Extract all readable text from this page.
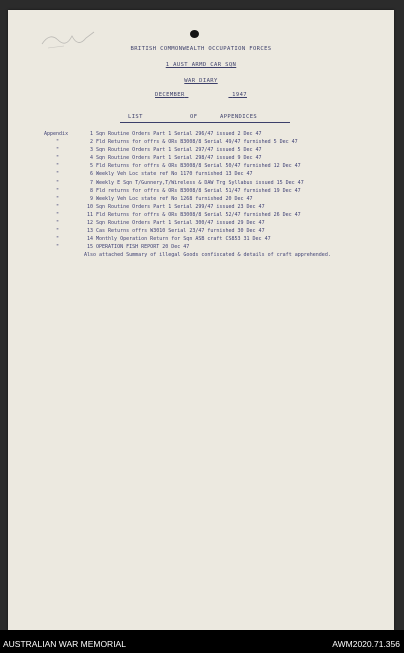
BRITISH COMMONWEALTH OCCUPATION FORCES
1 AUST ARMD CAR SQN
WAR DIARY
DECEMBER	1947
LIST	OF	APPENDICES
Appendix	1 Sqn Routine Orders Part 1 Serial 296/47 issued 2 Dec 47
"	2 Fld Returns for offrs & ORs B3008/8 Serial 49/47 furnished 5 Dec 47
"	3 Sqn Routine Orders Part 1 Serial 297/47 issued 5 Dec 47
"	4 Sqn Routine Orders Part 1 Serial 298/47 issued 9 Dec 47
"	5 Fld Returns for offrs & ORs B3008/8 Serial 50/47 furnished 12 Dec 47
"	6 Weekly Veh Loc state ref No 1170 furnished 13 Dec 47
"	7 Weekly E Sqn T/Gunnery,T/Wireless & DAW Trg Syllabus issued 15 Dec 47
"	8 Fld returns for offrs & ORs B3008/8 Serial 51/47 furnished 19 Dec 47
"	9 Weekly Veh Loc state ref No 1268 furnished 20 Dec 47
"	10 Sqn Routine Orders Part 1 Serial 299/47 issued 23 Dec 47
"	11 Fld Returns for offrs & ORs B3008/8 Serial 52/47 furnished 26 Dec 47
"	12 Sqn Routine Orders Part 1 Serial 300/47 issued 29 Dec 47
"	13 Cas Returns offrs W3010 Serial 23/47 furnished 30 Dec 47
"	14 Monthly Operation Return for Sqn ASB craft CS853 31 Dec 47
"	15 OPERATION FISH REPORT 20 Dec 47
Also attached Summary of illegal Goods confiscated & details of craft apprehended.
AUSTRALIAN WAR MEMORIAL	AWM2020.71.356
